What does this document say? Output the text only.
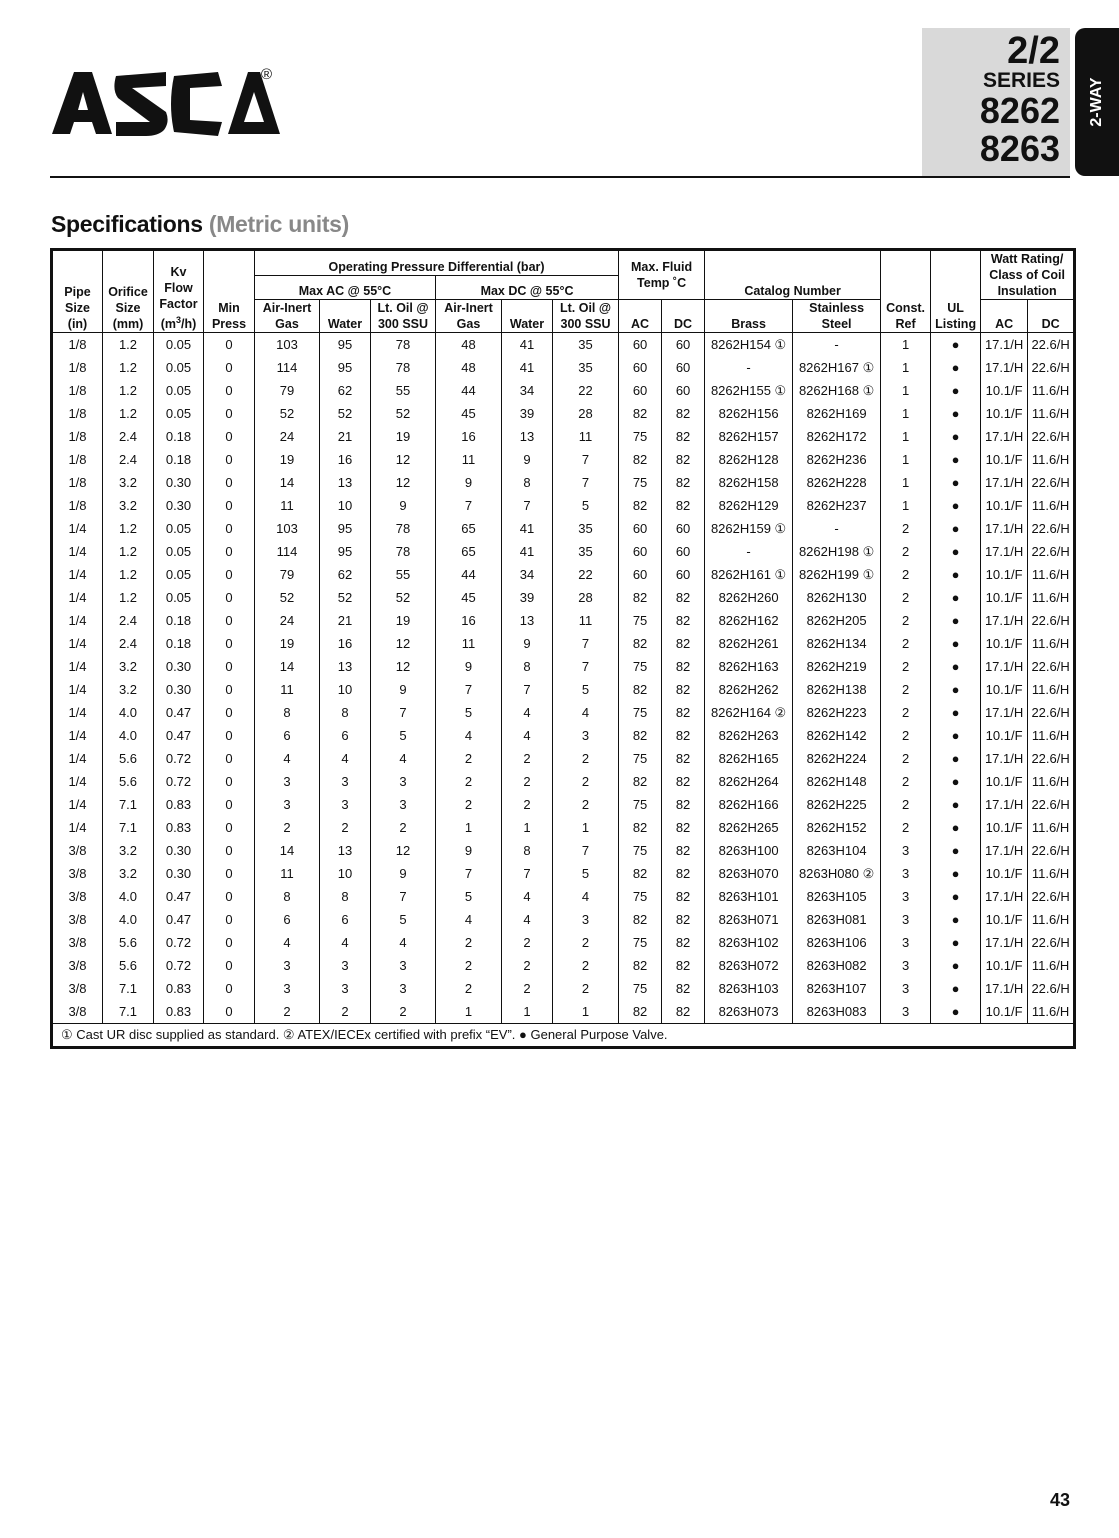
®
2/2
SERIES
8262
8263
2-WAY
Specifications (Metric units)
Pipe Size (in)	Orifice Size (mm)	Kv
Flow
Factor
$(m^3/h)$	Min Press	Operating Pressure Differential (bar)						Max. Fluid Temp ˚C		Catalog Number		Const. Ref	UL Listing	Watt Rating/ Class of Coil Insulation	
				Max AC @ 55°C			Max DC @ 55°C										
				Air-Inert Gas	Water	Lt. Oil @ 300 SSU	Air-Inert Gas	Water	Lt. Oil @ 300 SSU	AC	DC	Brass	Stainless Steel			AC	DC
1/8	1.2	0.05	0	103	95	78	48	41	35	60	60	8262H154 ①	-	1	●	17.1/H	22.6/H
1/8	1.2	0.05	0	114	95	78	48	41	35	60	60	-	8262H167 ①	1	●	17.1/H	22.6/H
1/8	1.2	0.05	0	79	62	55	44	34	22	60	60	8262H155 ①	8262H168 ①	1	●	10.1/F	11.6/H
1/8	1.2	0.05	0	52	52	52	45	39	28	82	82	8262H156	8262H169	1	●	10.1/F	11.6/H
1/8	2.4	0.18	0	24	21	19	16	13	11	75	82	8262H157	8262H172	1	●	17.1/H	22.6/H
1/8	2.4	0.18	0	19	16	12	11	9	7	82	82	8262H128	8262H236	1	●	10.1/F	11.6/H
1/8	3.2	0.30	0	14	13	12	9	8	7	75	82	8262H158	8262H228	1	●	17.1/H	22.6/H
1/8	3.2	0.30	0	11	10	9	7	7	5	82	82	8262H129	8262H237	1	●	10.1/F	11.6/H
1/4	1.2	0.05	0	103	95	78	65	41	35	60	60	8262H159 ①	-	2	●	17.1/H	22.6/H
1/4	1.2	0.05	0	114	95	78	65	41	35	60	60	-	8262H198 ①	2	●	17.1/H	22.6/H
1/4	1.2	0.05	0	79	62	55	44	34	22	60	60	8262H161 ①	8262H199 ①	2	●	10.1/F	11.6/H
1/4	1.2	0.05	0	52	52	52	45	39	28	82	82	8262H260	8262H130	2	●	10.1/F	11.6/H
1/4	2.4	0.18	0	24	21	19	16	13	11	75	82	8262H162	8262H205	2	●	17.1/H	22.6/H
1/4	2.4	0.18	0	19	16	12	11	9	7	82	82	8262H261	8262H134	2	●	10.1/F	11.6/H
1/4	3.2	0.30	0	14	13	12	9	8	7	75	82	8262H163	8262H219	2	●	17.1/H	22.6/H
1/4	3.2	0.30	0	11	10	9	7	7	5	82	82	8262H262	8262H138	2	●	10.1/F	11.6/H
1/4	4.0	0.47	0	8	8	7	5	4	4	75	82	8262H164 ②	8262H223	2	●	17.1/H	22.6/H
1/4	4.0	0.47	0	6	6	5	4	4	3	82	82	8262H263	8262H142	2	●	10.1/F	11.6/H
1/4	5.6	0.72	0	4	4	4	2	2	2	75	82	8262H165	8262H224	2	●	17.1/H	22.6/H
1/4	5.6	0.72	0	3	3	3	2	2	2	82	82	8262H264	8262H148	2	●	10.1/F	11.6/H
1/4	7.1	0.83	0	3	3	3	2	2	2	75	82	8262H166	8262H225	2	●	17.1/H	22.6/H
1/4	7.1	0.83	0	2	2	2	1	1	1	82	82	8262H265	8262H152	2	●	10.1/F	11.6/H
3/8	3.2	0.30	0	14	13	12	9	8	7	75	82	8263H100	8263H104	3	●	17.1/H	22.6/H
3/8	3.2	0.30	0	11	10	9	7	7	5	82	82	8263H070	8263H080 ②	3	●	10.1/F	11.6/H
3/8	4.0	0.47	0	8	8	7	5	4	4	75	82	8263H101	8263H105	3	●	17.1/H	22.6/H
3/8	4.0	0.47	0	6	6	5	4	4	3	82	82	8263H071	8263H081	3	●	10.1/F	11.6/H
3/8	5.6	0.72	0	4	4	4	2	2	2	75	82	8263H102	8263H106	3	●	17.1/H	22.6/H
3/8	5.6	0.72	0	3	3	3	2	2	2	82	82	8263H072	8263H082	3	●	10.1/F	11.6/H
3/8	7.1	0.83	0	3	3	3	2	2	2	75	82	8263H103	8263H107	3	●	17.1/H	22.6/H
3/8	7.1	0.83	0	2	2	2	1	1	1	82	82	8263H073	8263H083	3	●	10.1/F	11.6/H
① Cast UR disc supplied as standard. ② ATEX/IECEx certified with prefix “EV”. ● General Purpose Valve.																	
43
